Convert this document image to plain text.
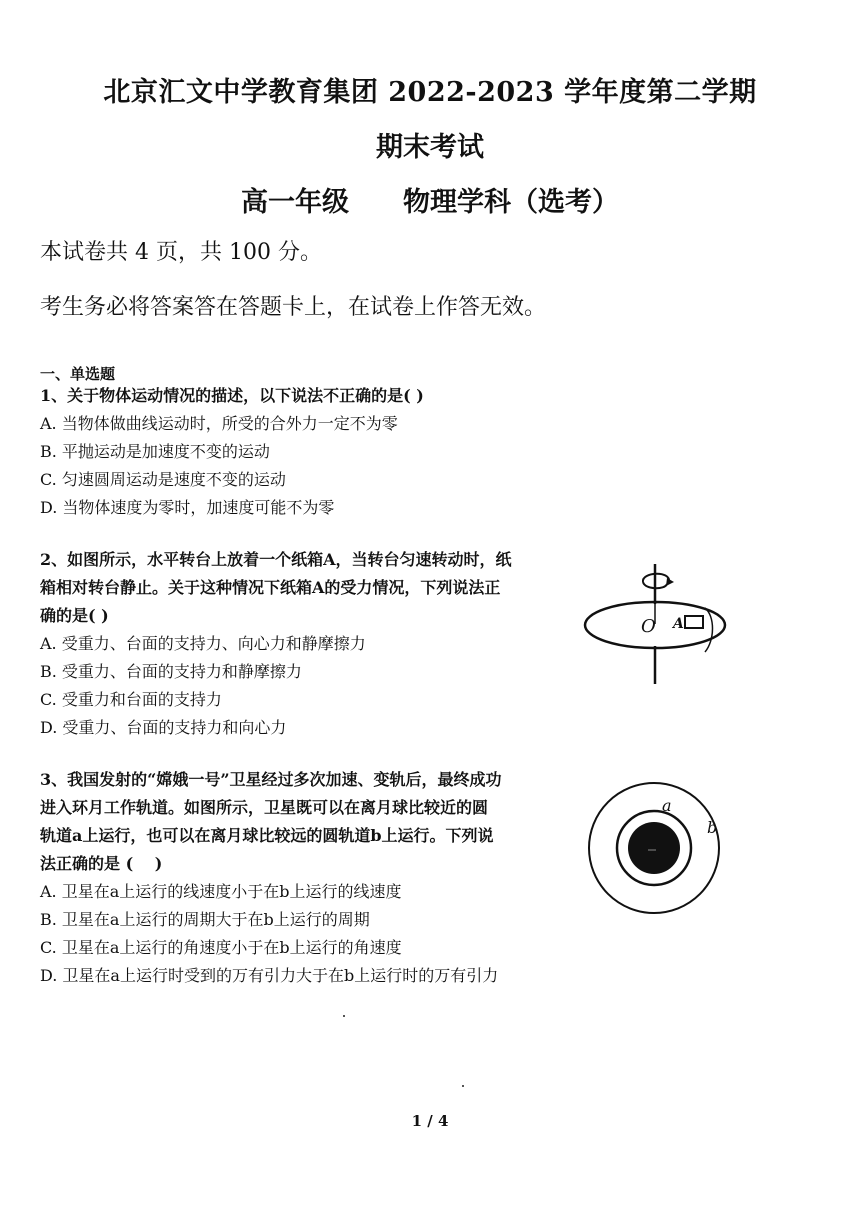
北京汇文中学教育集团 2022-2023 学年度第二学期
期末考试
高一年级　　物理学科（选考）
本试卷共 4 页，共 100 分。
考生务必将答案答在答题卡上，在试卷上作答无效。
一、单选题

1、关于物体运动情况的描述，以下说法不正确的是( )

A. 当物体做曲线运动时，所受的合外力一定不为零

B. 平抛运动是加速度不变的运动

C. 匀速圆周运动是速度不变的运动

D. 当物体速度为零时，加速度可能不为零

2、如图所示，水平转台上放着一个纸箱A，当转台匀速转动时，纸

箱相对转台静止。关于这种情况下纸箱A的受力情况，下列说法正

确的是( )

A. 受重力、台面的支持力、向心力和静摩擦力

B. 受重力、台面的支持力和静摩擦力

C. 受重力和台面的支持力

D. 受重力、台面的支持力和向心力

O A

3、我国发射的“嫦娥一号”卫星经过多次加速、变轨后，最终成功

进入环月工作轨道。如图所示，卫星既可以在离月球比较近的圆

轨道a上运行，也可以在离月球比较远的圆轨道b上运行。下列说

法正确的是 (　 )

A. 卫星在a上运行的线速度小于在b上运行的线速度

B. 卫星在a上运行的周期大于在b上运行的周期

C. 卫星在a上运行的角速度小于在b上运行的角速度

D. 卫星在a上运行时受到的万有引力大于在b上运行时的万有引力

a
b
1 / 4
